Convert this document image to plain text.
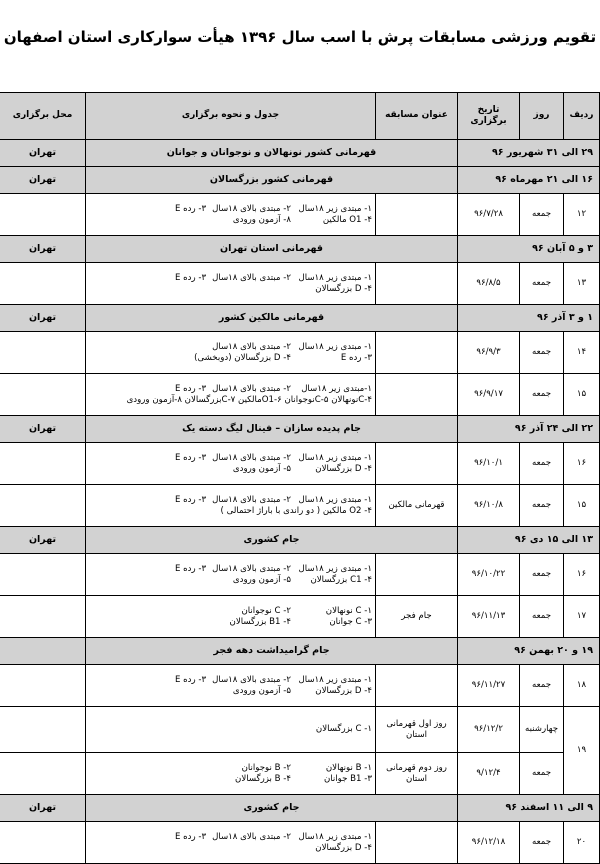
تقویم ورزشی مسابقات پرش با اسب سال ۱۳۹۶ هیأت سوارکاری استان اصفهان
ردیف	روز	تاریخ برگزاری	عنوان مسابقه	جدول و نحوه برگزاری	محل برگزاری
۲۹ الی ۳۱ شهریور ۹۶			قهرمانی کشور نونهالان و نوجوانان و جوانان		تهران
۱۶ الی ۲۱ مهرماه ۹۶			قهرمانی کشور بزرگسالان		تهران
۱۲	جمعه	۹۶/۷/۲۸		۱- مبتدی زیر ۱۸سال
۲- مبتدی بالای ۱۸سال
۳- رده E
۴- O1 مالکین
۸- آزمون ورودی	

۳ و ۵ آبان ۹۶			قهرمانی استان تهران		تهران
۱۳	جمعه	۹۶/۸/۵		۱- مبتدی زیر ۱۸سال
۲- مبتدی بالای ۱۸سال
۳- رده E
۴- D بزرگسالان	

۱ و ۳ آذر ۹۶			قهرمانی مالکین کشور		تهران
۱۴	جمعه	۹۶/۹/۳		۱- مبتدی زیر ۱۸سال
۲- مبتدی بالای ۱۸سال
۳- رده E
۴- D بزرگسالان (دوبخشی)	

۱۵	جمعه	۹۶/۹/۱۷		۱-مبتدی زیر ۱۸سال
۲- مبتدی بالای ۱۸سال
۳- رده E
۴-Cنونهالان ۵-Cنوجوانان ۶-O1مالکین ۷-Cبزرگسالان ۸-آزمون ورودی	

۲۲ الی ۲۴ آذر ۹۶			جام پدیده سازان – فینال لیگ دسته یک		تهران
۱۶	جمعه	۹۶/۱۰/۱		۱- مبتدی زیر ۱۸سال
۲- مبتدی بالای ۱۸سال
۳- رده E
۴- D بزرگسالان
۵- آزمون ورودی	

۱۵	جمعه	۹۶/۱۰/۸	قهرمانی مالکین	۱- مبتدی زیر ۱۸سال
۲- مبتدی بالای ۱۸سال
۳- رده E
۴- O2 مالکین ( دو راندی با باراژ احتمالی )	

۱۳ الی ۱۵ دی ۹۶			جام کشوری		تهران
۱۶	جمعه	۹۶/۱۰/۲۲		۱- مبتدی زیر ۱۸سال
۲- مبتدی بالای ۱۸سال
۳- رده E
۴- C1 بزرگسالان
۵- آزمون ورودی	

۱۷	جمعه	۹۶/۱۱/۱۳	جام فجر	۱- C نونهالان
۲- C نوجوانان
۳- C جوانان
۴- B1 بزرگسالان	

۱۹ و ۲۰ بهمن ۹۶			جام گرامیداشت دهه فجر		
۱۸	جمعه	۹۶/۱۱/۲۷		۱- مبتدی زیر ۱۸سال
۲- مبتدی بالای ۱۸سال
۳- رده E
۴- D بزرگسالان
۵- آزمون ورودی	

۱۹	چهارشنبه	۹۶/۱۲/۲	روز اول قهرمانی استان	۱- C بزرگسالان	

	جمعه	۹/۱۲/۴	روز دوم قهرمانی استان	۱- B نونهالان
۲- B نوجوانان
۳- B1 جوانان
۴- B بزرگسالان	

۹ الی ۱۱ اسفند ۹۶			جام کشوری		تهران
۲۰	جمعه	۹۶/۱۲/۱۸		۱- مبتدی زیر ۱۸سال
۲- مبتدی بالای ۱۸سال
۳- رده E
۴- D بزرگسالان	
